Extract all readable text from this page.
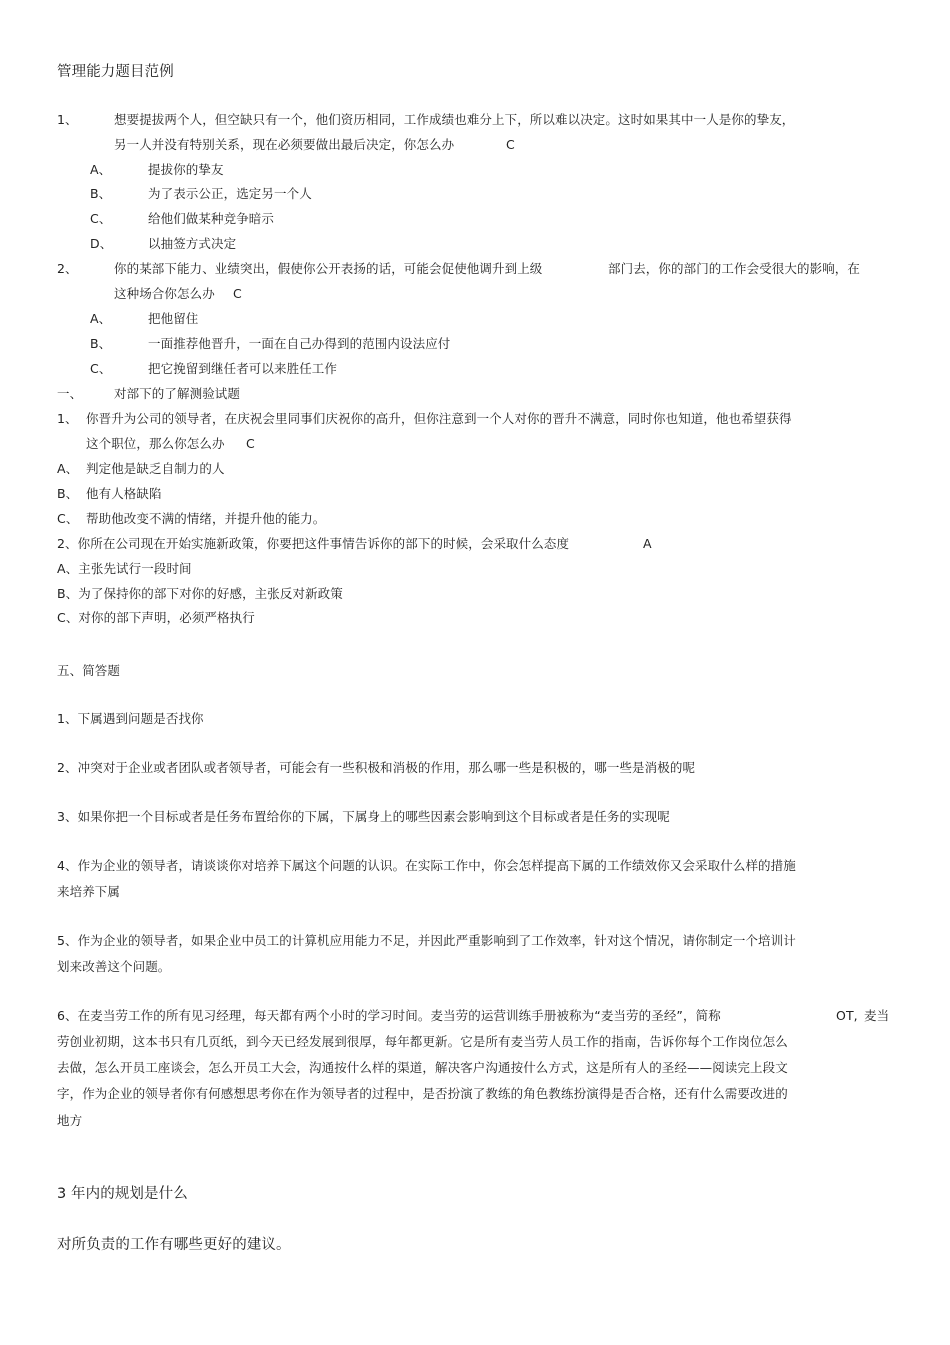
管理能力题目范例
1、	想要提拔两个人，但空缺只有一个，他们资历相同，工作成绩也难分上下，所以难以决定。这时如果其中一人是你的挚友，
另一人并没有特别关系，现在必须要做出最后决定，你怎么办	C
A、	提拔你的挚友
B、	为了表示公正，选定另一个人
C、	给他们做某种竞争暗示
D、	以抽签方式决定
2、	你的某部下能力、业绩突出，假使你公开表扬的话，可能会促使他调升到上级	部门去，你的部门的工作会受很大的影响，在
这种场合你怎么办 C
A、	把他留住
B、	一面推荐他晋升，一面在自己办得到的范围内设法应付
C、	把它挽留到继任者可以来胜任工作
一、	对部下的了解测验试题
1、 你晋升为公司的领导者，在庆祝会里同事们庆祝你的高升，但你注意到一个人对你的晋升不满意，同时你也知道，他也希望获得
这个职位，那么你怎么办 C
A、 判定他是缺乏自制力的人
B、 他有人格缺陷
C、 帮助他改变不满的情绪，并提升他的能力。
2、你所在公司现在开始实施新政策，你要把这件事情告诉你的部下的时候，会采取什么态度	A
A、主张先试行一段时间
B、为了保持你的部下对你的好感，主张反对新政策
C、对你的部下声明，必须严格执行
五、简答题
1、下属遇到问题是否找你
2、冲突对于企业或者团队或者领导者，可能会有一些积极和消极的作用，那么哪一些是积极的，哪一些是消极的呢
3、如果你把一个目标或者是任务布置给你的下属，下属身上的哪些因素会影响到这个目标或者是任务的实现呢
4、作为企业的领导者，请谈谈你对培养下属这个问题的认识。在实际工作中，你会怎样提高下属的工作绩效你又会采取什么样的措施
来培养下属
5、作为企业的领导者，如果企业中员工的计算机应用能力不足，并因此严重影响到了工作效率，针对这个情况，请你制定一个培训计
划来改善这个问题。
6、在麦当劳工作的所有见习经理，每天都有两个小时的学习时间。麦当劳的运营训练手册被称为“麦当劳的圣经”，简称	OT, 麦当
劳创业初期，这本书只有几页纸，到今天已经发展到很厚，每年都更新。它是所有麦当劳人员工作的指南，告诉你每个工作岗位怎么
去做，怎么开员工座谈会，怎么开员工大会，沟通按什么样的渠道，解决客户沟通按什么方式，这是所有人的圣经——阅读完上段文
字，作为企业的领导者你有何感想思考你在作为领导者的过程中，是否扮演了教练的角色教练扮演得是否合格，还有什么需要改进的
地方
3 年内的规划是什么
对所负责的工作有哪些更好的建议。
